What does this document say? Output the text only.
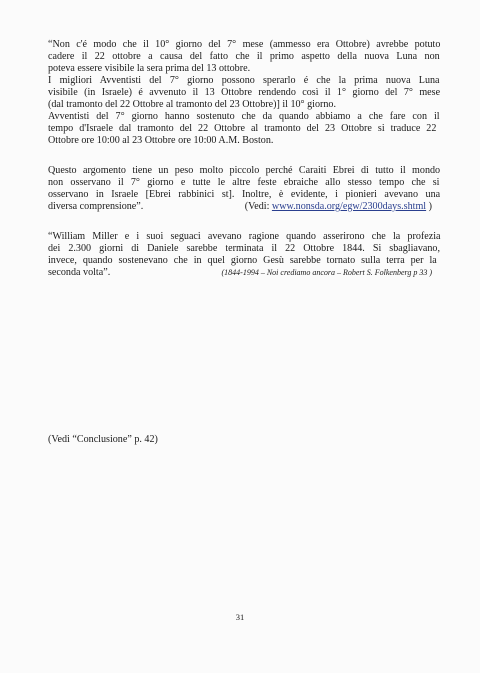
“Non c'é modo che il 10° giorno del 7° mese (ammesso era Ottobre) avrebbe potuto
cadere il 22 ottobre a causa del fatto che il primo aspetto della nuova Luna non
poteva essere visibile la sera prima del 13 ottobre.
I migliori Avventisti del 7° giorno possono sperarlo é che la prima nuova Luna
visibile (in Israele) é avvenuto il 13 Ottobre rendendo così il 1° giorno del 7° mese
(dal tramonto del 22 Ottobre al tramonto del 23 Ottobre)] il 10° giorno.
Avventisti del 7° giorno hanno sostenuto che da quando abbiamo a che fare con il
tempo d'Israele dal tramonto del 22 Ottobre al tramonto del 23 Ottobre si traduce 22
Ottobre ore 10:00 al 23 Ottobre ore 10:00 A.M. Boston.
Questo argomento tiene un peso molto piccolo perché Caraiti Ebrei di tutto il mondo
non osservano il 7° giorno e tutte le altre feste ebraiche allo stesso tempo che si
osservano in Israele [Ebrei rabbinici st]. Inoltre, è evidente, i pionieri avevano una
diversa comprensione”.	(Vedi: www.nonsda.org/egw/2300days.shtml )
“William Miller e i suoi seguaci avevano ragione quando asserirono che la profezia
dei 2.300 giorni di Daniele sarebbe terminata il 22 Ottobre 1844. Si sbagliavano,
invece, quando sostenevano che in quel giorno Gesù sarebbe tornato sulla terra per la
seconda volta”.	(1844-1994 – Noi crediamo ancora – Robert S. Folkenberg p 33 )
(Vedi “Conclusione” p. 42)
31
